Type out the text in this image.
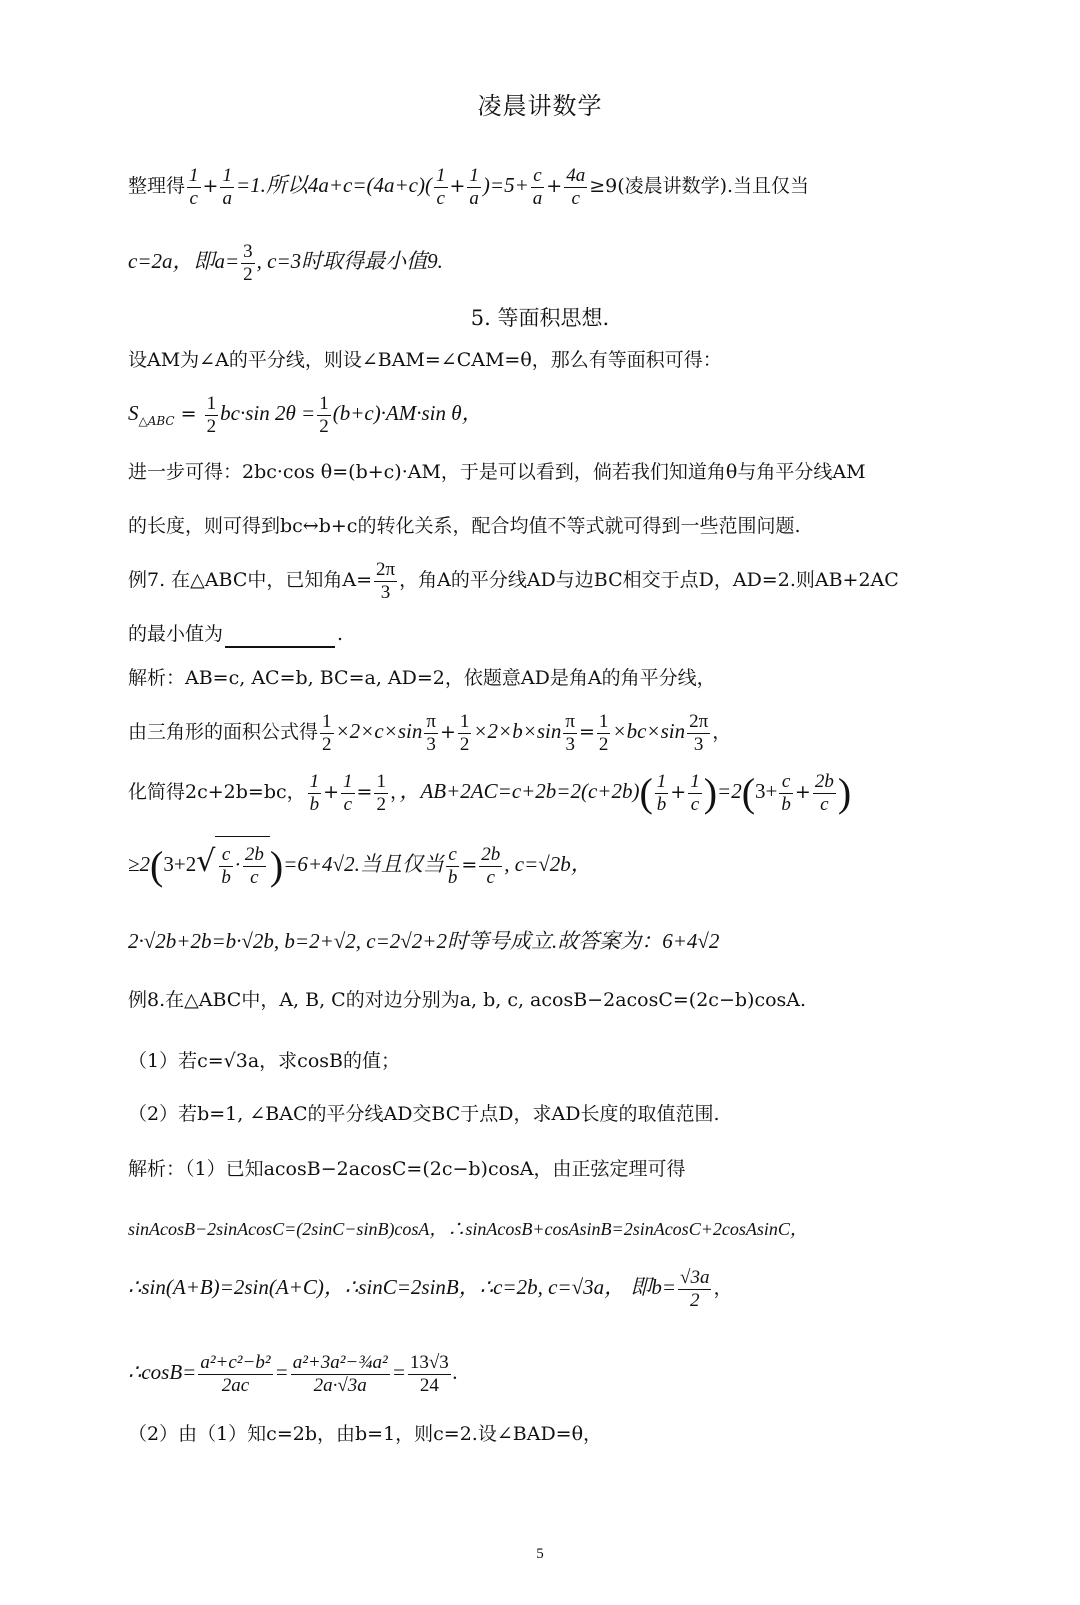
凌晨讲数学
整理得 $\frac{1}{c} + \frac{1}{a} =1$.所以$4a+c=(4a+c)( \frac{1}{c} + \frac{1}{a} )=5+ \frac{c}{a} + \frac{4a}{c} \ge 9$(凌晨讲数学).当且仅当
c=2a，即$a= \frac{3}{2}$ , c=3时取得最小值9.
5. 等面积思想.
设AM为∠A的平分线，则设∠BAM=∠CAM=θ，那么有等面积可得：
$S_{\triangle ABC} = \frac{1}{2} bc\cdot\sin$ $2\theta = \frac{1}{2} (b+c)\cdot AM\cdot\sin$ θ，
进一步可得：2bc·cos θ=(b+c)·AM，于是可以看到，倘若我们知道角θ与角平分线AM
的长度，则可得到bc↔b+c的转化关系，配合均值不等式就可得到一些范围问题.
例7. 在△ABC中，已知角$A= \frac{2\pi}{3}$ ，角A的平分线AD与边BC相交于点D，AD=2.则AB+2AC
的最小值为	.
解析：AB=c, AC=b, BC=a, AD=2，依题意AD是角A的角平分线，
由三角形的面积公式得 $\frac{1}{2} \times 2\times c\times\sin \frac{\pi}{3} + \frac{1}{2} \times 2\times b\times\sin \frac{\pi}{3} = \frac{1}{2} \times bc\times\sin \frac{2\pi}{3}$ ，
化简得2c+2b=bc， $\frac{1}{b} + \frac{1}{c} = \frac{1}{2}$ ，，$AB+2AC=c+2b=2(c+2b)( \frac{1}{b} + \frac{1}{c} )=2(3+ \frac{c}{b} + \frac{2b}{c}$ )
$\ge 2(3+2√ \frac{c}{b} \cdot \frac{2b}{c} )=6+4√2$.当且仅当 $\frac{c}{b} = \frac{2b}{c}$ , c=√2b，
2·√2b+2b=b·√2b, b=2+√2, c=2√2+2时等号成立.故答案为：6+4√2
例8.在△ABC中，A, B, C的对边分别为a, b, c, acosB−2acosC=(2c−b)cosA.
（1）若c=√3a，求cosB的值；
（2）若b=1, ∠BAC的平分线AD交BC于点D，求AD长度的取值范围.
解析：（1）已知acosB−2acosC=(2c−b)cosA，由正弦定理可得
sinAcosB−2sinAcosC=(2sinC−sinB)cosA，∴sinAcosB+cosAsinB=2sinAcosC+2cosAsinC，
∴sin(A+B)=2sin(A+C)，∴sinC=2sinB，∴c=2b, c=√3a， 即$b= \frac{√3a}{2}$ ，
∴cosB= $\frac{\text{a²+c²−b²}}{2ac} = \frac{\text{a²+3a²−¾a²}}{2a\cdot√3a} = \frac{13√3}{24}$ .
（2）由（1）知c=2b，由b=1，则c=2.设∠BAD=θ，
5
